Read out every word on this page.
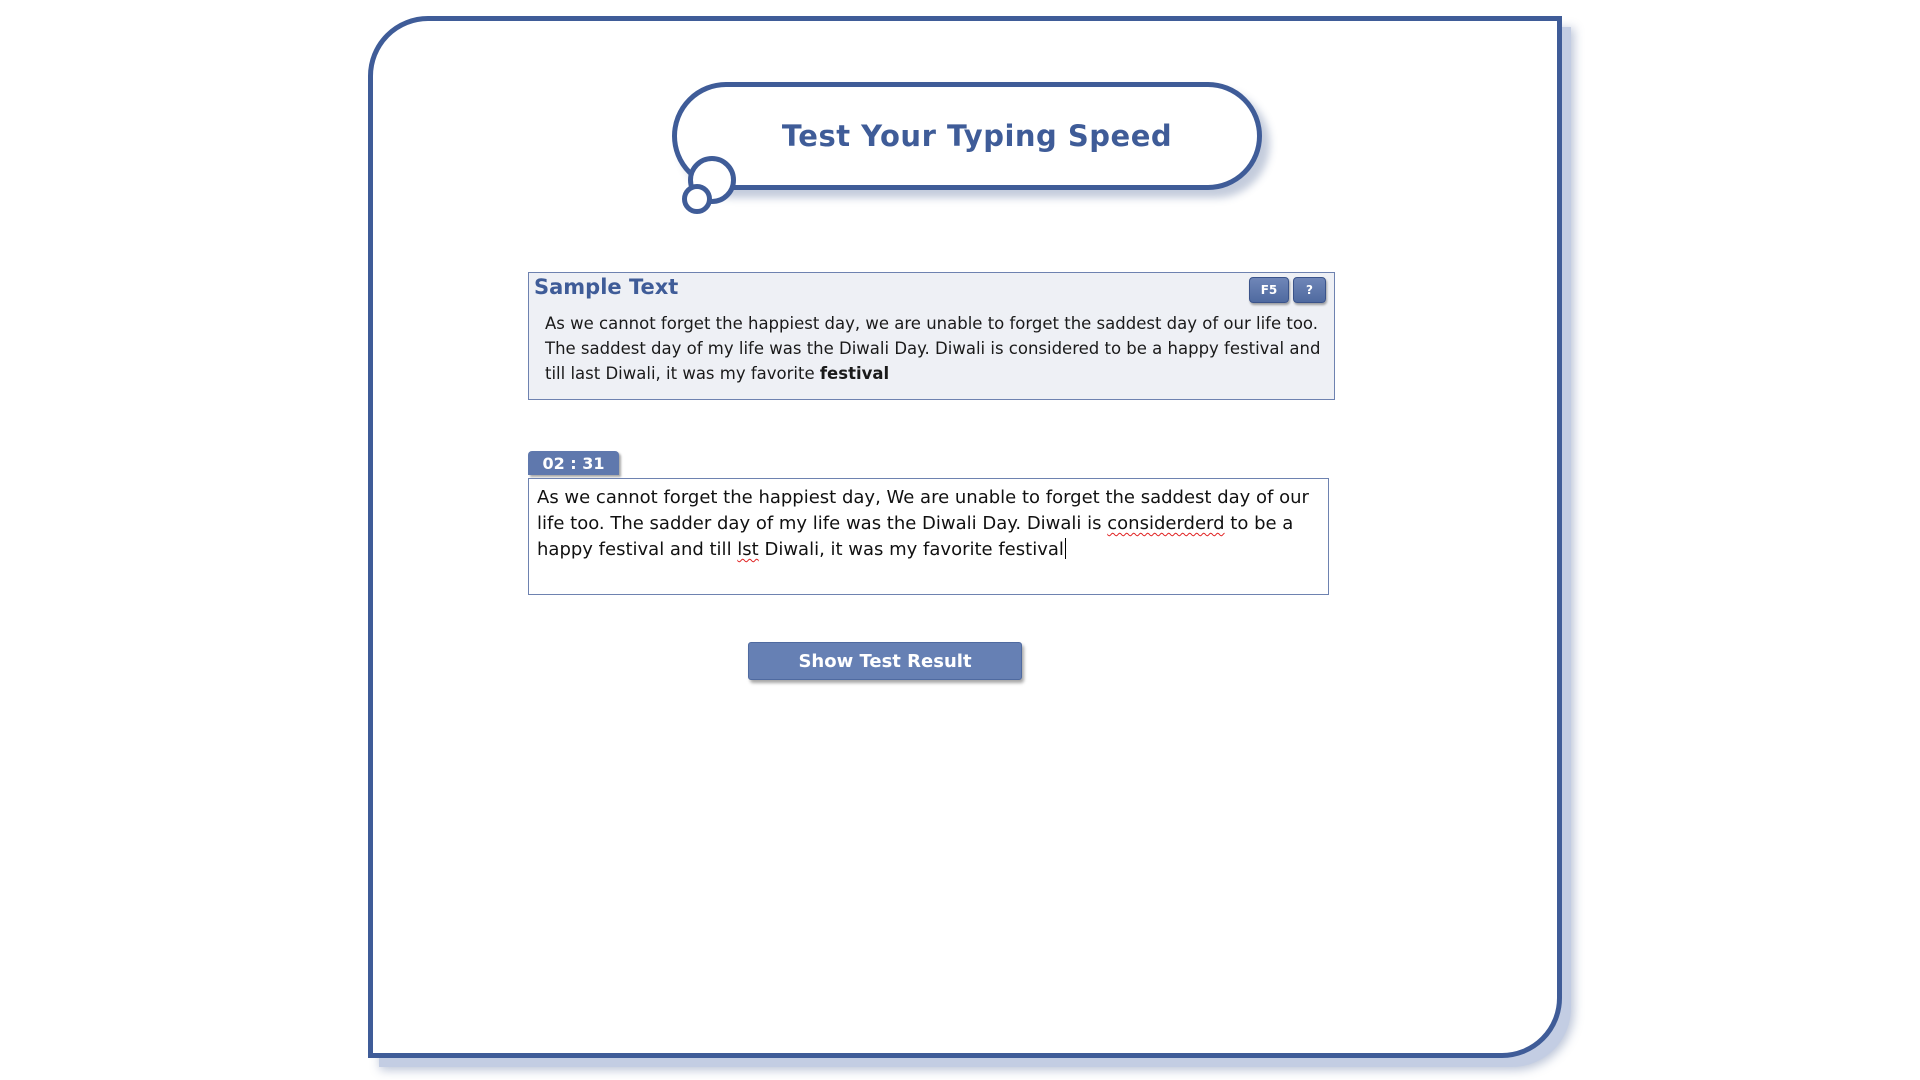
Test Your Typing Speed
Sample Text	F5	?
As we cannot forget the happiest day, we are unable to forget the saddest day of our life too. The saddest day of my life was the Diwali Day. Diwali is considered to be a happy festival and till last Diwali, it was my favorite festival
02 : 31
As we cannot forget the happiest day, We are unable to forget the saddest day of our life too. The sadder day of my life was the Diwali Day. Diwali is considerderd to be a happy festival and till lst Diwali, it was my favorite festival
Show Test Result
